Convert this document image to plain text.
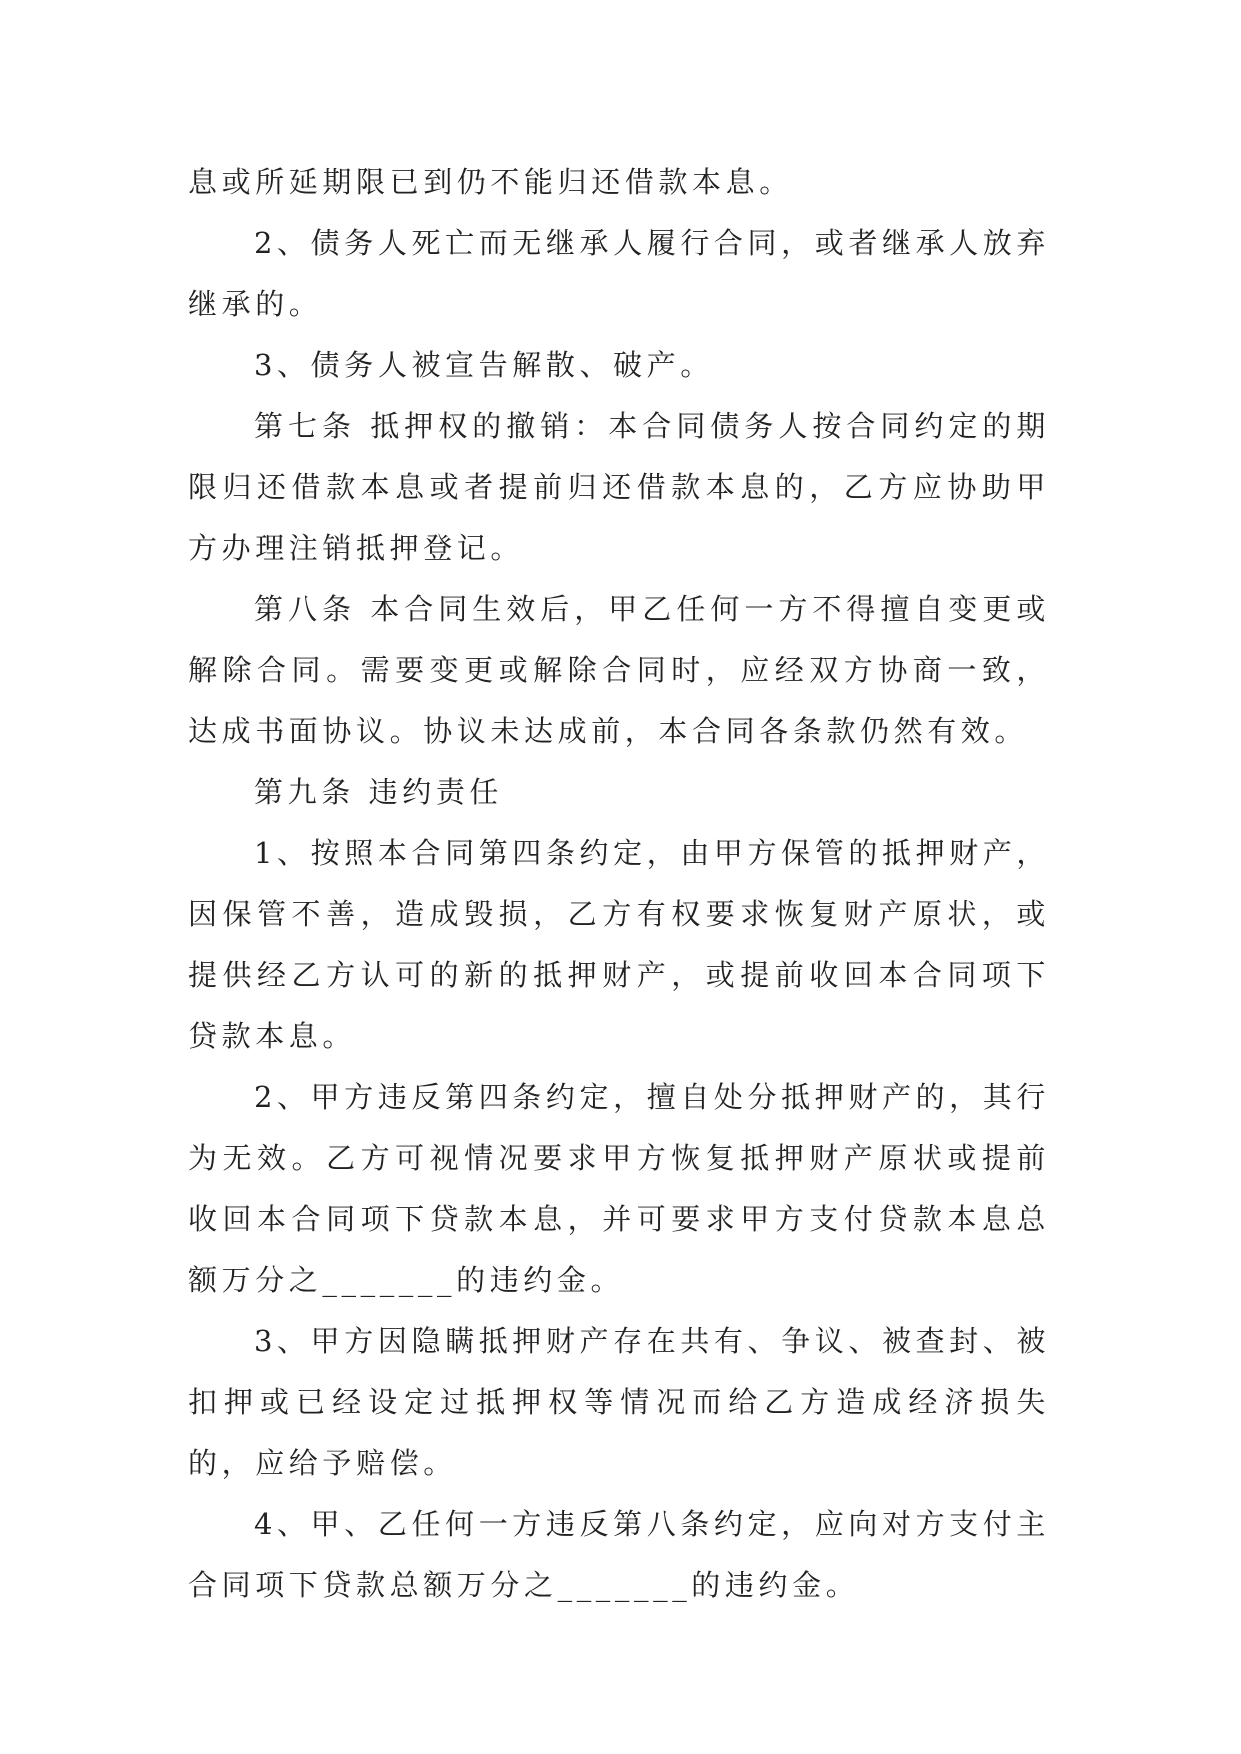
息或所延期限已到仍不能归还借款本息。

2、债务人死亡而无继承人履行合同，或者继承人放弃继承的。

3、债务人被宣告解散、破产。

第七条 抵押权的撤销：本合同债务人按合同约定的期限归还借款本息或者提前归还借款本息的，乙方应协助甲方办理注销抵押登记。

第八条 本合同生效后，甲乙任何一方不得擅自变更或解除合同。需要变更或解除合同时，应经双方协商一致，达成书面协议。协议未达成前，本合同各条款仍然有效。

第九条 违约责任

1、按照本合同第四条约定，由甲方保管的抵押财产，因保管不善，造成毁损，乙方有权要求恢复财产原状，或提供经乙方认可的新的抵押财产，或提前收回本合同项下贷款本息。

2、甲方违反第四条约定，擅自处分抵押财产的，其行为无效。乙方可视情况要求甲方恢复抵押财产原状或提前收回本合同项下贷款本息，并可要求甲方支付贷款本息总额万分之_______的违约金。

3、甲方因隐瞒抵押财产存在共有、争议、被查封、被扣押或已经设定过抵押权等情况而给乙方造成经济损失的，应给予赔偿。

4、甲、乙任何一方违反第八条约定，应向对方支付主合同项下贷款总额万分之_______的违约金。
